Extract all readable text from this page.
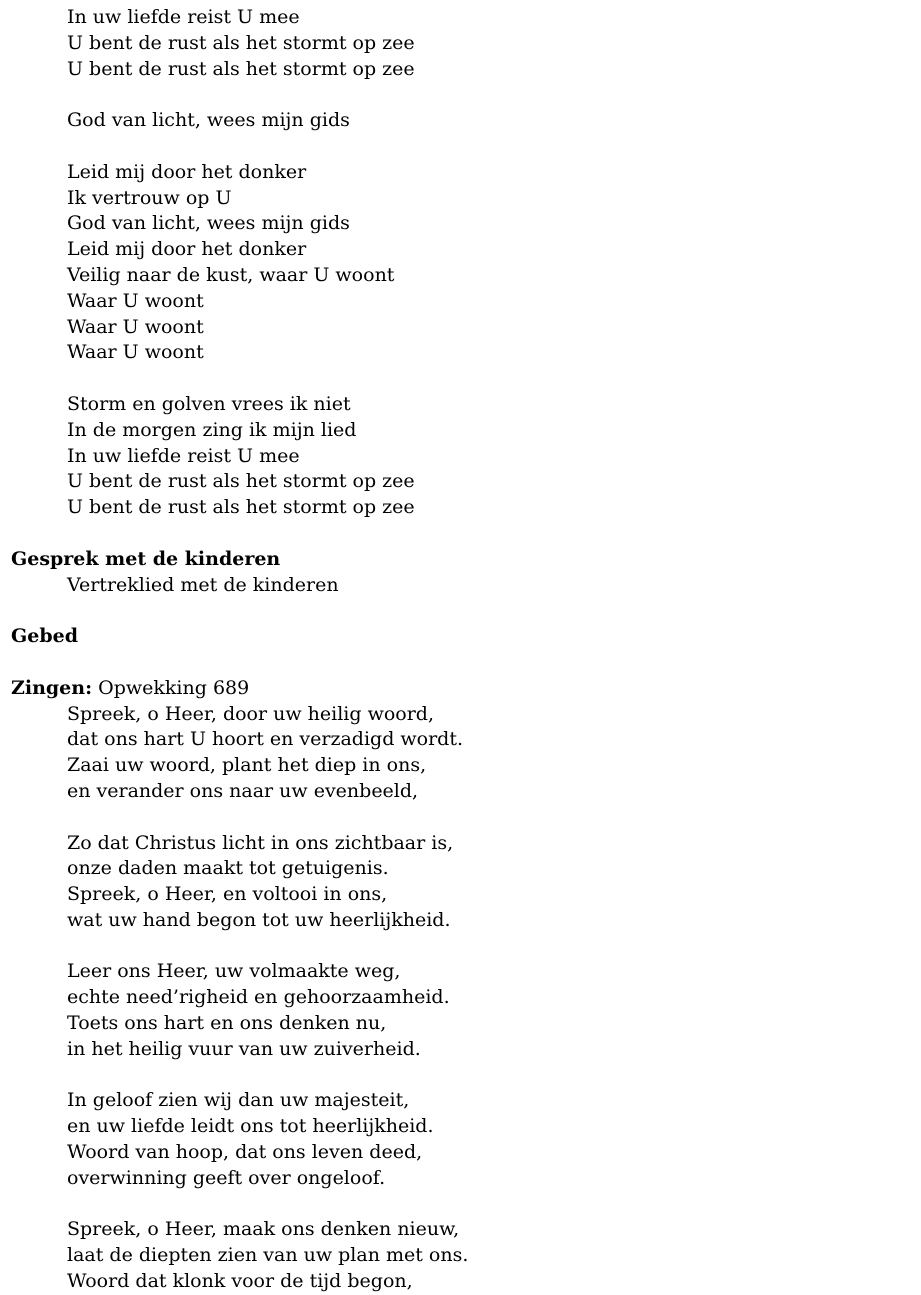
In uw liefde reist U mee
U bent de rust als het stormt op zee
U bent de rust als het stormt op zee
God van licht, wees mijn gids
Leid mij door het donker
Ik vertrouw op U
God van licht, wees mijn gids
Leid mij door het donker
Veilig naar de kust, waar U woont
Waar U woont
Waar U woont
Waar U woont
Storm en golven vrees ik niet
In de morgen zing ik mijn lied
In uw liefde reist U mee
U bent de rust als het stormt op zee
U bent de rust als het stormt op zee
Gesprek met de kinderen
Vertreklied met de kinderen
Gebed
Zingen: Opwekking 689
Spreek, o Heer, door uw heilig woord,
dat ons hart U hoort en verzadigd wordt.
Zaai uw woord, plant het diep in ons,
en verander ons naar uw evenbeeld,
Zo dat Christus licht in ons zichtbaar is,
onze daden maakt tot getuigenis.
Spreek, o Heer, en voltooi in ons,
wat uw hand begon tot uw heerlijkheid.
Leer ons Heer, uw volmaakte weg,
echte need’righeid en gehoorzaamheid.
Toets ons hart en ons denken nu,
in het heilig vuur van uw zuiverheid.
In geloof zien wij dan uw majesteit,
en uw liefde leidt ons tot heerlijkheid.
Woord van hoop, dat ons leven deed,
overwinning geeft over ongeloof.
Spreek, o Heer, maak ons denken nieuw,
laat de diepten zien van uw plan met ons.
Woord dat klonk voor de tijd begon,
